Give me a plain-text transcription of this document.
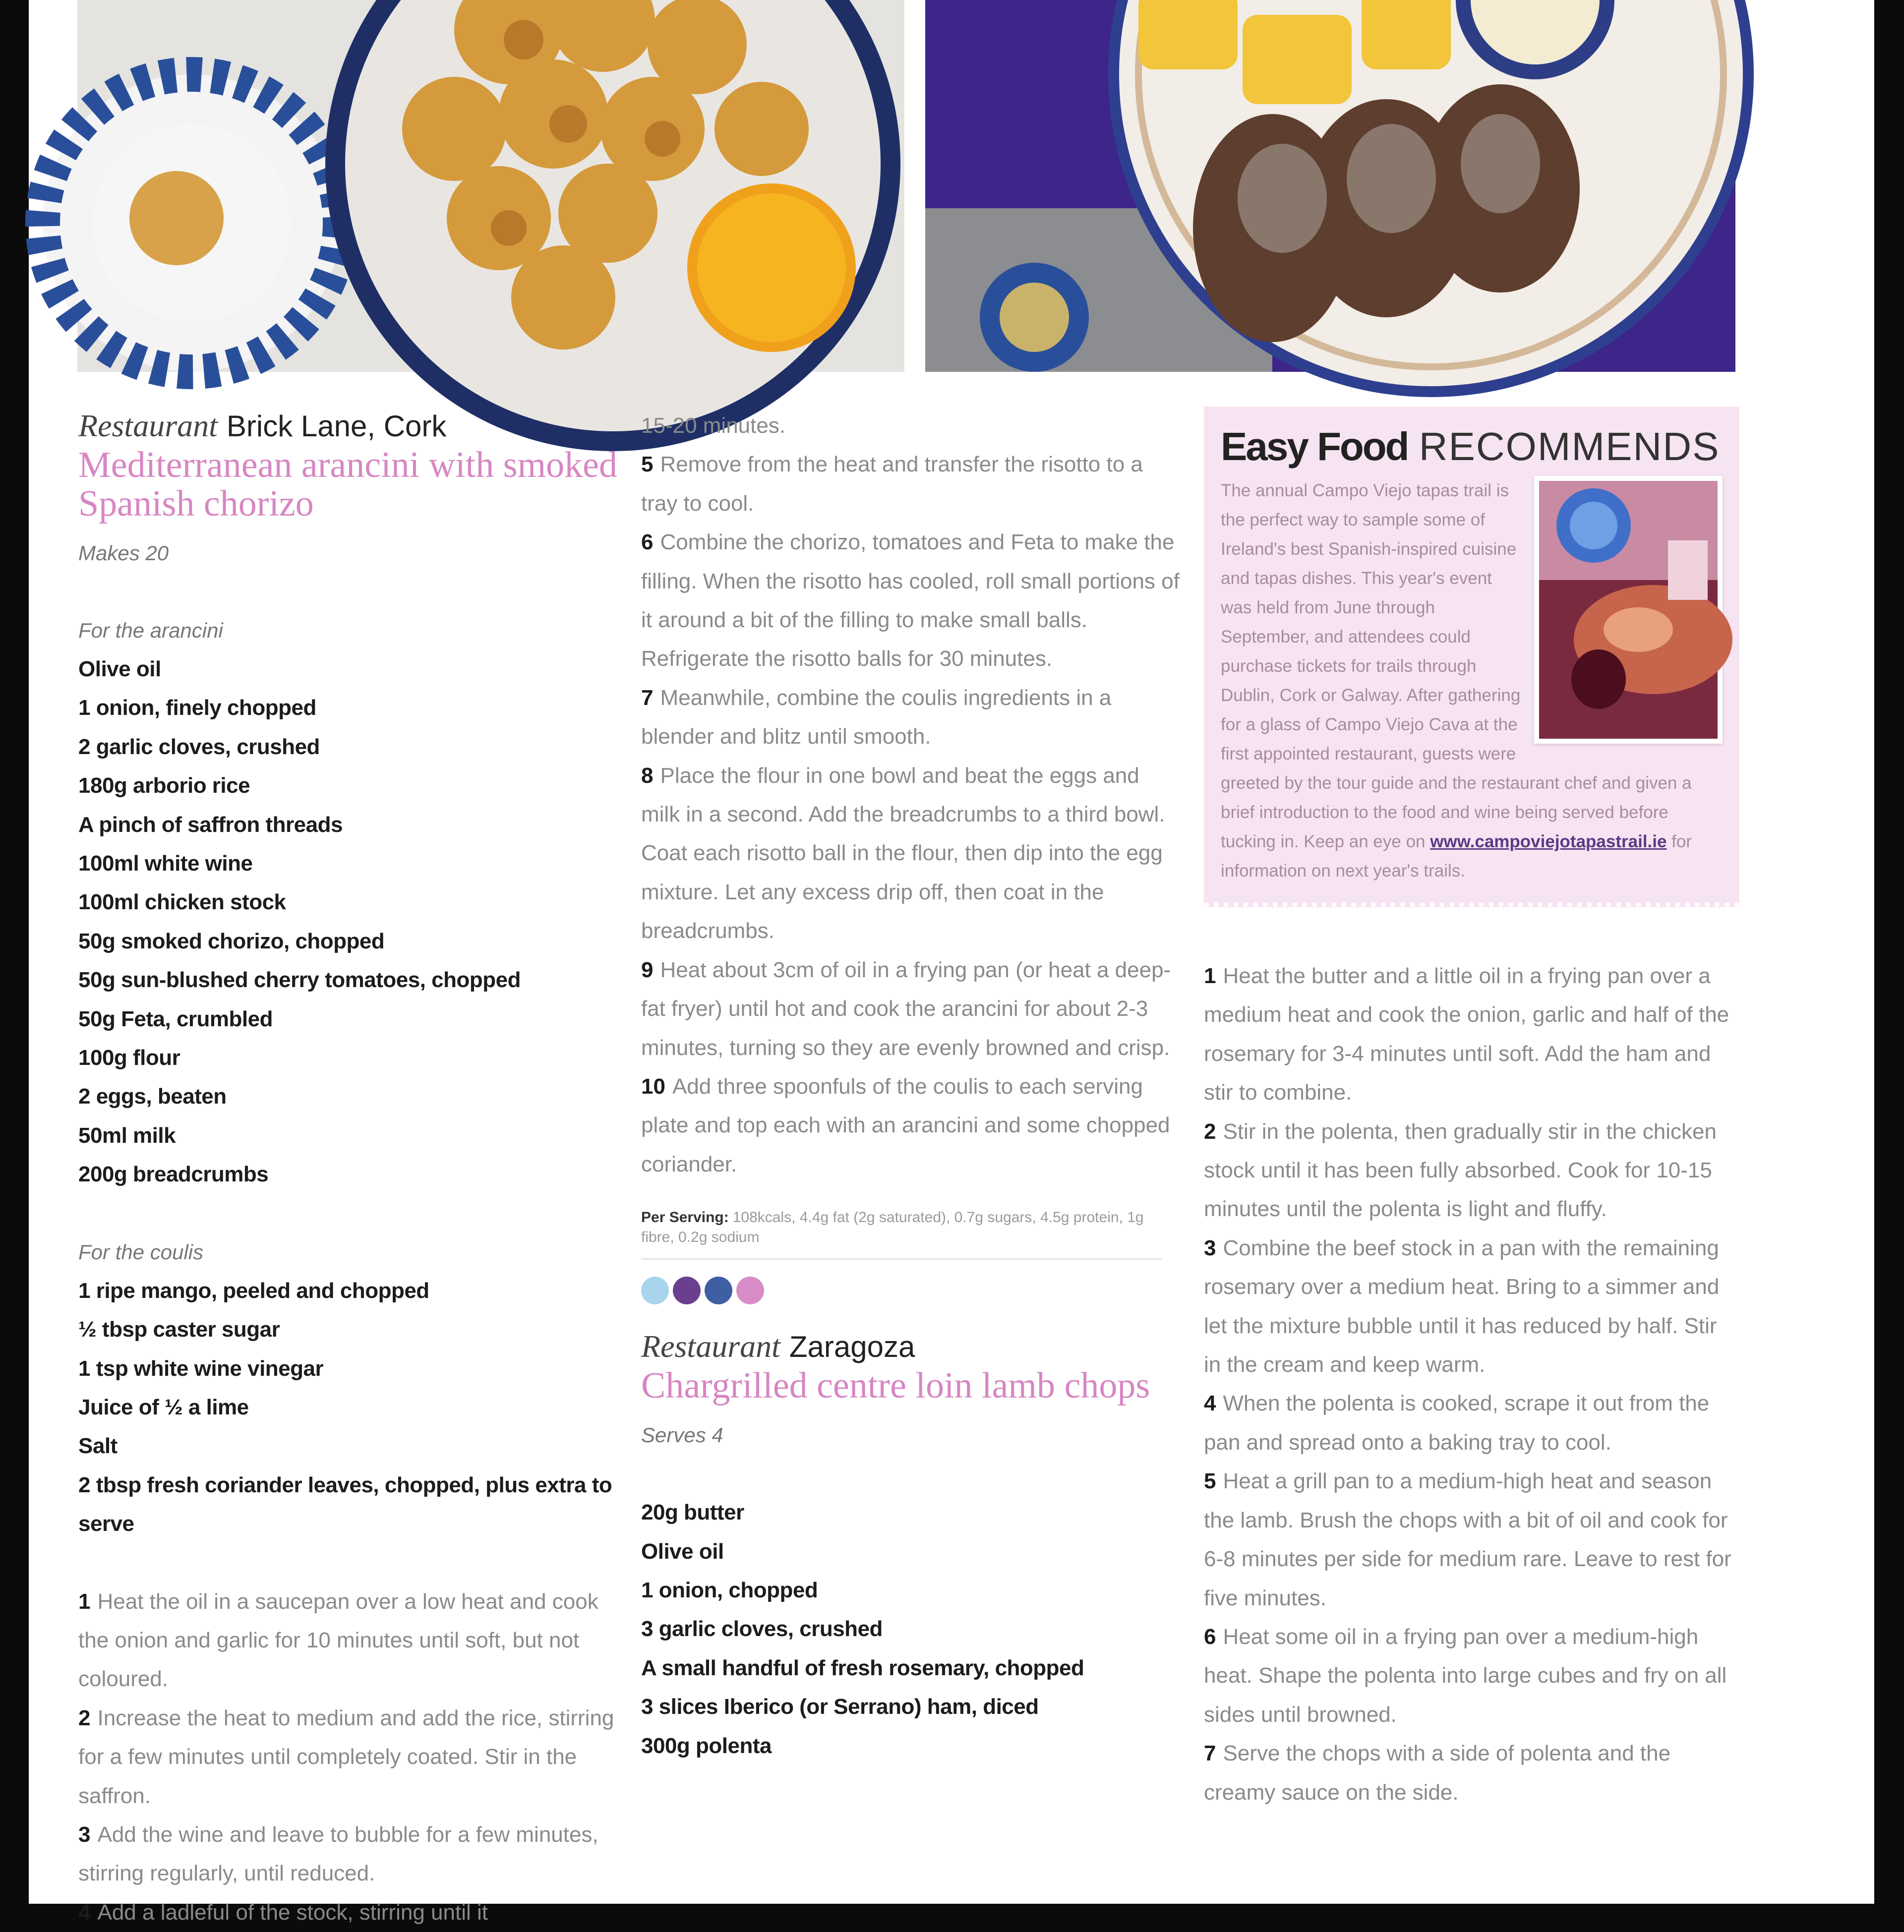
Restaurant Brick Lane, Cork
Mediterranean arancini with smoked Spanish chorizo
Makes 20
For the arancini
Olive oil
1 onion, finely chopped
2 garlic cloves, crushed
180g arborio rice
A pinch of saffron threads
100ml white wine
100ml chicken stock
50g smoked chorizo, chopped
50g sun-blushed cherry tomatoes, chopped
50g Feta, crumbled
100g flour
2 eggs, beaten
50ml milk
200g breadcrumbs
For the coulis
1 ripe mango, peeled and chopped
½ tbsp caster sugar
1 tsp white wine vinegar
Juice of ½ a lime
Salt
2 tbsp fresh coriander leaves, chopped, plus extra to serve

1 Heat the oil in a saucepan over a low heat and cook the onion and garlic for 10 minutes until soft, but not coloured.

2 Increase the heat to medium and add the rice, stirring for a few minutes until completely coated. Stir in the saffron.

3 Add the wine and leave to bubble for a few minutes, stirring regularly, until reduced.

4 Add a ladleful of the stock, stirring until it

15-20 minutes.

5 Remove from the heat and transfer the risotto to a tray to cool.

6 Combine the chorizo, tomatoes and Feta to make the filling. When the risotto has cooled, roll small portions of it around a bit of the filling to make small balls. Refrigerate the risotto balls for 30 minutes.

7 Meanwhile, combine the coulis ingredients in a blender and blitz until smooth.

8 Place the flour in one bowl and beat the eggs and milk in a second. Add the breadcrumbs to a third bowl. Coat each risotto ball in the flour, then dip into the egg mixture. Let any excess drip off, then coat in the breadcrumbs.

9 Heat about 3cm of oil in a frying pan (or heat a deep-fat fryer) until hot and cook the arancini for about 2-3 minutes, turning so they are evenly browned and crisp.

10 Add three spoonfuls of the coulis to each serving plate and top each with an arancini and some chopped coriander.

Per Serving: 108kcals, 4.4g fat (2g saturated), 0.7g sugars, 4.5g protein, 1g fibre, 0.2g sodium
Restaurant Zaragoza
Chargrilled centre loin lamb chops
Serves 4
20g butter
Olive oil
1 onion, chopped
3 garlic cloves, crushed
A small handful of fresh rosemary, chopped
3 slices Iberico (or Serrano) ham, diced
300g polenta
Easy Food RECOMMENDS
The annual Campo Viejo tapas trail is the perfect way to sample some of Ireland's best Spanish-inspired cuisine and tapas dishes. This year's event was held from June through September, and attendees could purchase tickets for trails through Dublin, Cork or Galway. After gathering for a glass of Campo Viejo Cava at the first appointed restaurant, guests were greeted by the tour guide and the restaurant chef and given a brief introduction to the food and wine being served before tucking in. Keep an eye on www.campoviejotapastrail.ie for information on next year's trails.

1 Heat the butter and a little oil in a frying pan over a medium heat and cook the onion, garlic and half of the rosemary for 3-4 minutes until soft. Add the ham and stir to combine.

2 Stir in the polenta, then gradually stir in the chicken stock until it has been fully absorbed. Cook for 10-15 minutes until the polenta is light and fluffy.

3 Combine the beef stock in a pan with the remaining rosemary over a medium heat. Bring to a simmer and let the mixture bubble until it has reduced by half. Stir in the cream and keep warm.

4 When the polenta is cooked, scrape it out from the pan and spread onto a baking tray to cool.

5 Heat a grill pan to a medium-high heat and season the lamb. Brush the chops with a bit of oil and cook for 6-8 minutes per side for medium rare. Leave to rest for five minutes.

6 Heat some oil in a frying pan over a medium-high heat. Shape the polenta into large cubes and fry on all sides until browned.

7 Serve the chops with a side of polenta and the creamy sauce on the side.
